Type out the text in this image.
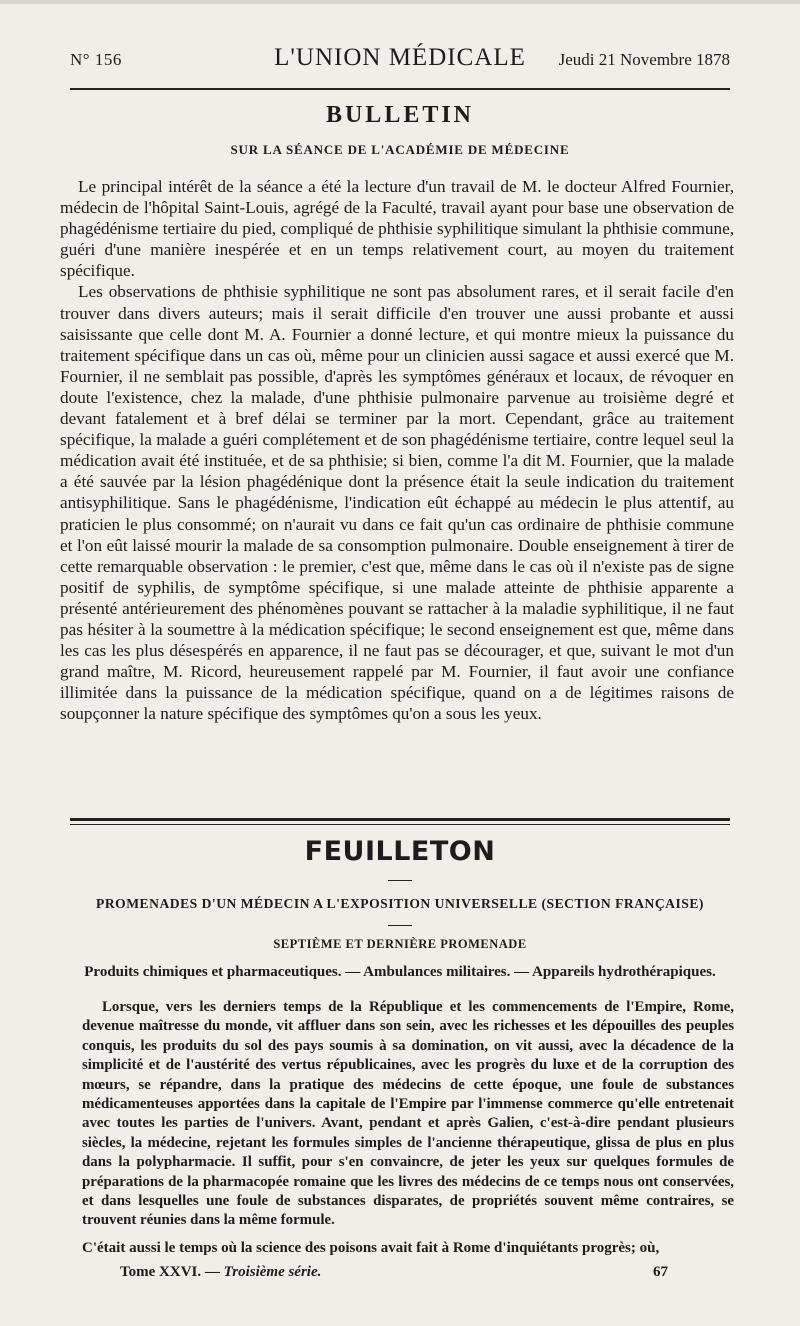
N° 156	L'UNION MÉDICALE	Jeudi 21 Novembre 1878
BULLETIN
SUR LA SÉANCE DE L'ACADÉMIE DE MÉDECINE

Le principal intérêt de la séance a été la lecture d'un travail de M. le docteur Alfred Fournier, médecin de l'hôpital Saint-Louis, agrégé de la Faculté, travail ayant pour base une observation de phagédénisme tertiaire du pied, compliqué de phthisie syphilitique simulant la phthisie commune, guéri d'une manière inespérée et en un temps relativement court, au moyen du traitement spécifique.

Les observations de phthisie syphilitique ne sont pas absolument rares, et il serait facile d'en trouver dans divers auteurs; mais il serait difficile d'en trouver une aussi probante et aussi saisissante que celle dont M. A. Fournier a donné lecture, et qui montre mieux la puissance du traitement spécifique dans un cas où, même pour un clinicien aussi sagace et aussi exercé que M. Fournier, il ne semblait pas possible, d'après les symptômes généraux et locaux, de révoquer en doute l'existence, chez la malade, d'une phthisie pulmonaire parvenue au troisième degré et devant fatalement et à bref délai se terminer par la mort. Cependant, grâce au traitement spécifique, la malade a guéri complétement et de son phagédénisme tertiaire, contre lequel seul la médication avait été instituée, et de sa phthisie; si bien, comme l'a dit M. Fournier, que la malade a été sauvée par la lésion phagédénique dont la présence était la seule indication du traitement antisyphilitique. Sans le phagédénisme, l'indication eût échappé au médecin le plus attentif, au praticien le plus consommé; on n'aurait vu dans ce fait qu'un cas ordinaire de phthisie commune et l'on eût laissé mourir la malade de sa consomption pulmonaire. Double enseignement à tirer de cette remarquable observation : le premier, c'est que, même dans le cas où il n'existe pas de signe positif de syphilis, de symptôme spécifique, si une malade atteinte de phthisie apparente a présenté antérieurement des phénomènes pouvant se rattacher à la maladie syphilitique, il ne faut pas hésiter à la soumettre à la médication spécifique; le second enseignement est que, même dans les cas les plus désespérés en apparence, il ne faut pas se décourager, et que, suivant le mot d'un grand maître, M. Ricord, heureusement rappelé par M. Fournier, il faut avoir une confiance illimitée dans la puissance de la médication spécifique, quand on a de légitimes raisons de soupçonner la nature spécifique des symptômes qu'on a sous les yeux.

FEUILLETON
PROMENADES D'UN MÉDECIN A L'EXPOSITION UNIVERSELLE (SECTION FRANÇAISE)
SEPTIÈME ET DERNIÈRE PROMENADE
Produits chimiques et pharmaceutiques. — Ambulances militaires. — Appareils hydrothérapiques.

Lorsque, vers les derniers temps de la République et les commencements de l'Empire, Rome, devenue maîtresse du monde, vit affluer dans son sein, avec les richesses et les dépouilles des peuples conquis, les produits du sol des pays soumis à sa domination, on vit aussi, avec la décadence de la simplicité et de l'austérité des vertus républicaines, avec les progrès du luxe et de la corruption des mœurs, se répandre, dans la pratique des médecins de cette époque, une foule de substances médicamenteuses apportées dans la capitale de l'Empire par l'immense commerce qu'elle entretenait avec toutes les parties de l'univers. Avant, pendant et après Galien, c'est-à-dire pendant plusieurs siècles, la médecine, rejetant les formules simples de l'ancienne thérapeutique, glissa de plus en plus dans la polypharmacie. Il suffit, pour s'en convaincre, de jeter les yeux sur quelques formules de préparations de la pharmacopée romaine que les livres des médecins de ce temps nous ont conservées, et dans lesquelles une foule de substances disparates, de propriétés souvent même contraires, se trouvent réunies dans la même formule.

C'était aussi le temps où la science des poisons avait fait à Rome d'inquiétants progrès; où,
Tome XXVI. — Troisième série.	67
